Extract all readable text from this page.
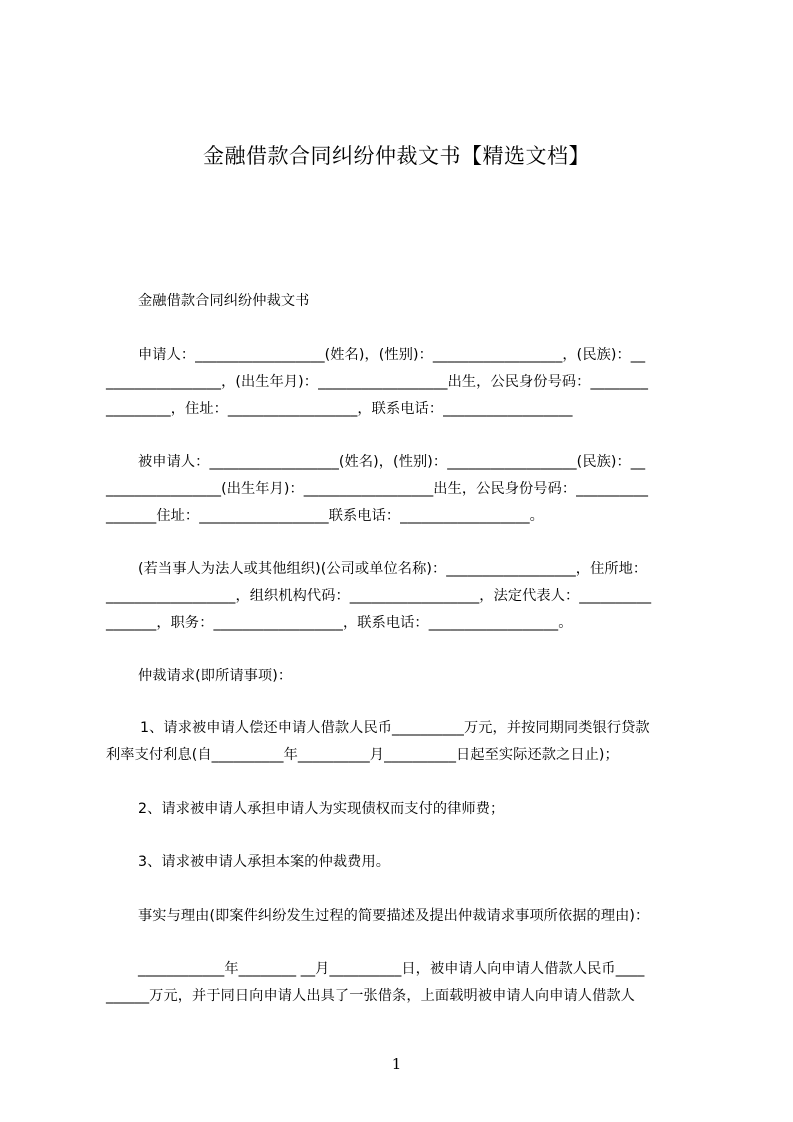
金融借款合同纠纷仲裁文书【精选文档】
金融借款合同纠纷仲裁文书
申请人：__________________(姓名)，(性别)：__________________，(民族)：__
________________，(出生年月)：__________________出生，公民身份号码：________
_________，住址：__________________，联系电话：__________________
被申请人：__________________(姓名)，(性别)：__________________(民族)：__
________________(出生年月)：__________________出生，公民身份号码：__________
_______住址：__________________联系电话：__________________。
(若当事人为法人或其他组织)(公司或单位名称)：__________________，住所地：
__________________，组织机构代码：__________________，法定代表人：__________
_______，职务：__________________，联系电话：__________________。
仲裁请求(即所请事项)：
1、请求被申请人偿还申请人借款人民币__________万元，并按同期同类银行贷款
利率支付利息(自__________年__________月__________日起至实际还款之日止)；
2、请求被申请人承担申请人为实现债权而支付的律师费；
3、请求被申请人承担本案的仲裁费用。
事实与理由(即案件纠纷发生过程的简要描述及提出仲裁请求事项所依据的理由)：
____________年________ __月__________日，被申请人向申请人借款人民币____
______万元，并于同日向申请人出具了一张借条，上面载明被申请人向申请人借款人
1
